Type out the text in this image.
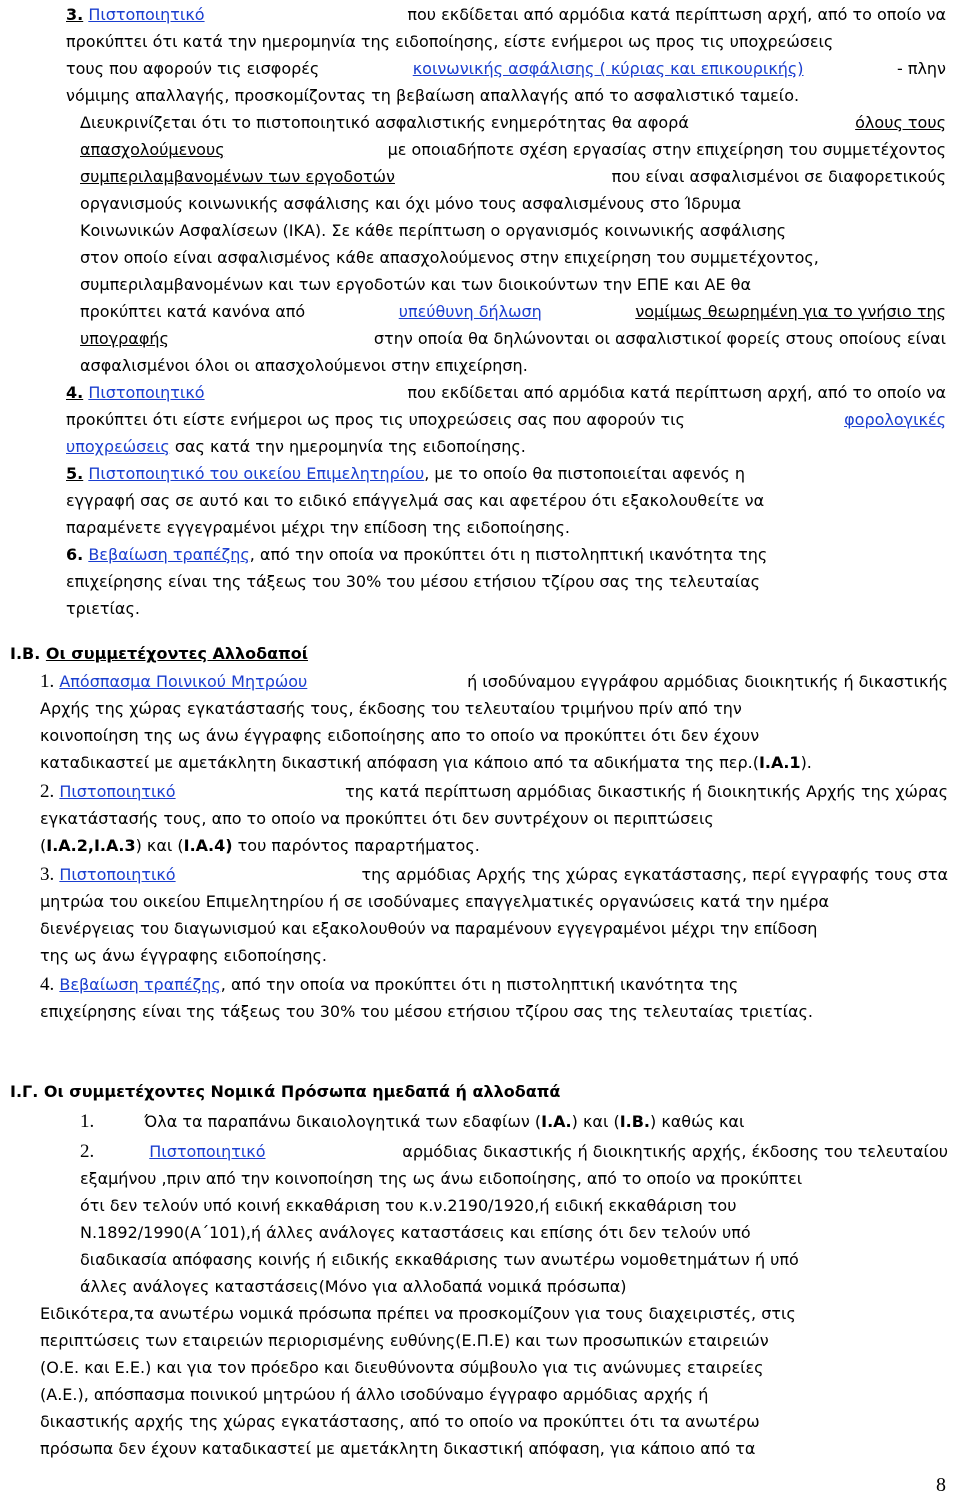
3. Πιστοποιητικό	που εκδίδεται από αρμόδια κατά περίπτωση αρχή, από το οποίο να
προκύπτει ότι κατά την ημερομηνία της ειδοποίησης, είστε ενήμεροι ως προς τις υποχρεώσεις
τους που αφορούν τις εισφορές	κοινωνικής ασφάλισης ( κύριας και επικουρικής)	- πλην
νόμιμης απαλλαγής, προσκομίζοντας τη βεβαίωση απαλλαγής από το ασφαλιστικό ταμείο.
Διευκρινίζεται ότι το πιστοποιητικό ασφαλιστικής ενημερότητας θα αφορά	όλους τους
απασχολούμενους	με οποιαδήποτε σχέση εργασίας στην επιχείρηση του συμμετέχοντος
συμπεριλαμβανομένων των εργοδοτών	που είναι ασφαλισμένοι σε διαφορετικούς
οργανισμούς κοινωνικής ασφάλισης και όχι μόνο τους ασφαλισμένους στο Ίδρυμα
Κοινωνικών Ασφαλίσεων (ΙΚΑ). Σε κάθε περίπτωση ο οργανισμός κοινωνικής ασφάλισης
στον οποίο είναι ασφαλισμένος κάθε απασχολούμενος στην επιχείρηση του συμμετέχοντος,
συμπεριλαμβανομένων και των εργοδοτών και των διοικούντων την ΕΠΕ και ΑΕ θα
προκύπτει κατά κανόνα από	υπεύθυνη δήλωση	νομίμως θεωρημένη για το γνήσιο της
υπογραφής	στην οποία θα δηλώνονται οι ασφαλιστικοί φορείς στους οποίους είναι
ασφαλισμένοι όλοι οι απασχολούμενοι στην επιχείρηση.
4. Πιστοποιητικό	που εκδίδεται από αρμόδια κατά περίπτωση αρχή, από το οποίο να
προκύπτει ότι είστε ενήμεροι ως προς τις υποχρεώσεις σας που αφορούν τις	φορολογικές
υποχρεώσεις σας κατά την ημερομηνία της ειδοποίησης.
5. Πιστοποιητικό του οικείου Επιμελητηρίου, με το οποίο θα πιστοποιείται αφενός η
εγγραφή σας σε αυτό και το ειδικό επάγγελμά σας και αφετέρου ότι εξακολουθείτε να
παραμένετε εγγεγραμένοι μέχρι την επίδοση της ειδοποίησης.
6. Βεβαίωση τραπέζης, από την οποία να προκύπτει ότι η πιστοληπτική ικανότητα της
επιχείρησης είναι της τάξεως του 30% του μέσου ετήσιου τζίρου σας της τελευταίας
τριετίας.
Ι.Β. Οι συμμετέχοντες Αλλοδαποί
1. Απόσπασμα Ποινικού Μητρώου	ή ισοδύναμου εγγράφου αρμόδιας διοικητικής ή δικαστικής
Αρχής της χώρας εγκατάστασής τους, έκδοσης του τελευταίου τριμήνου πρίν από την
κοινοποίηση της ως άνω έγγραφης ειδοποίησης απο το οποίο να προκύπτει ότι δεν έχουν
καταδικαστεί με αμετάκλητη δικαστική απόφαση για κάποιο από τα αδικήματα της περ.(Ι.Α.1).
2. Πιστοποιητικό	της κατά περίπτωση αρμόδιας δικαστικής ή διοικητικής Αρχής της χώρας
εγκατάστασής τους, απο το οποίο να προκύπτει ότι δεν συντρέχουν οι περιπτώσεις
(Ι.Α.2,Ι.Α.3) και (Ι.Α.4) του παρόντος παραρτήματος.
3. Πιστοποιητικό	της αρμόδιας Αρχής της χώρας εγκατάστασης, περί εγγραφής τους στα
μητρώα του οικείου Επιμελητηρίου ή σε ισοδύναμες επαγγελματικές οργανώσεις κατά την ημέρα
διενέργειας του διαγωνισμού και εξακολουθούν να παραμένουν εγγεγραμένοι μέχρι την επίδοση
της ως άνω έγγραφης ειδοποίησης.
4. Βεβαίωση τραπέζης, από την οποία να προκύπτει ότι η πιστοληπτική ικανότητα της
επιχείρησης είναι της τάξεως του 30% του μέσου ετήσιου τζίρου σας της τελευταίας τριετίας.
Ι.Γ. Οι συμμετέχοντες Νομικά Πρόσωπα ημεδαπά ή αλλοδαπά
1.	Όλα τα παραπάνω δικαιολογητικά των εδαφίων (Ι.Α.) και (Ι.Β.) καθώς και
2.	Πιστοποιητικό	αρμόδιας δικαστικής ή διοικητικής αρχής, έκδοσης του τελευταίου
εξαμήνου ,πριν από την κοινοποίηση της ως άνω ειδοποίησης, από το οποίο να προκύπτει
ότι δεν τελούν υπό κοινή εκκαθάριση του κ.ν.2190/1920,ή ειδική εκκαθάριση του
Ν.1892/1990(Α΄101),ή άλλες ανάλογες καταστάσεις και επίσης ότι δεν τελούν υπό
διαδικασία απόφασης κοινής ή ειδικής εκκαθάρισης των ανωτέρω νομοθετημάτων ή υπό
άλλες ανάλογες καταστάσεις(Μόνο για αλλοδαπά νομικά πρόσωπα)
Ειδικότερα,τα ανωτέρω νομικά πρόσωπα πρέπει να προσκομίζουν για τους διαχειριστές, στις
περιπτώσεις των εταιρειών περιορισμένης ευθύνης(Ε.Π.Ε) και των προσωπικών εταιρειών
(Ο.Ε. και Ε.Ε.) και για τον πρόεδρο και διευθύνοντα σύμβουλο για τις ανώνυμες εταιρείες
(Α.Ε.), απόσπασμα ποινικού μητρώου ή άλλο ισοδύναμο έγγραφο αρμόδιας αρχής ή
δικαστικής αρχής της χώρας εγκατάστασης, από το οποίο να προκύπτει ότι τα ανωτέρω
πρόσωπα δεν έχουν καταδικαστεί με αμετάκλητη δικαστική απόφαση, για κάποιο από τα
8
